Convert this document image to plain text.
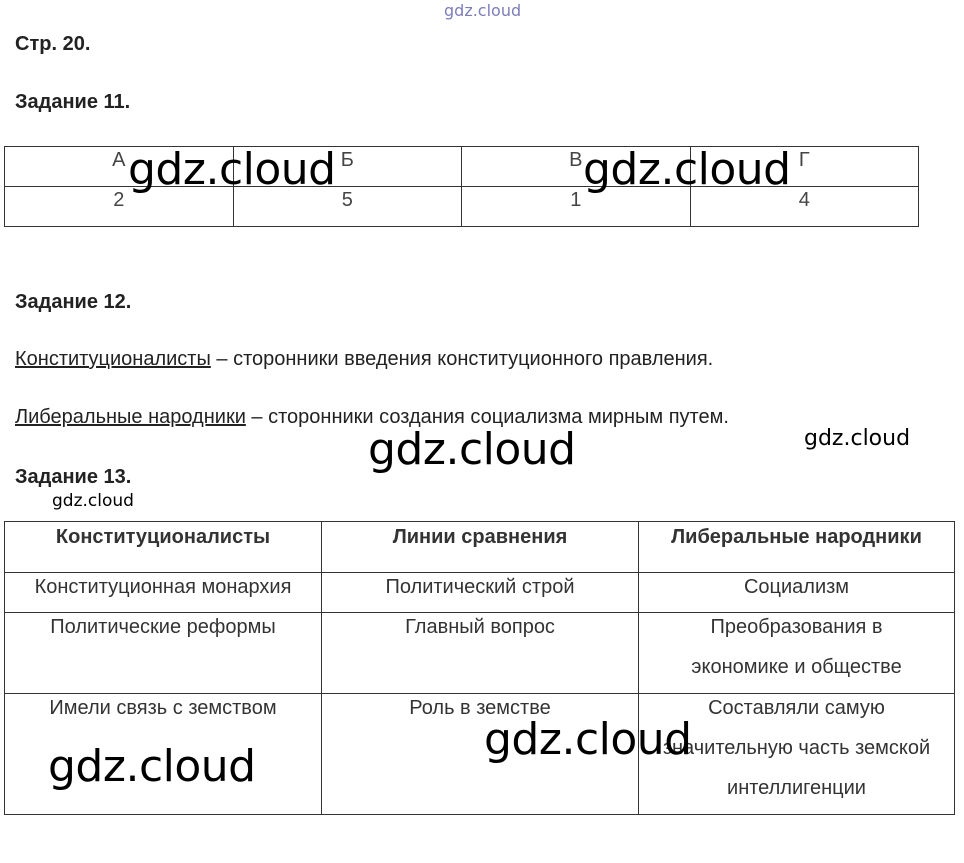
gdz.cloud
Стр. 20.
Задание 11.
А	Б	В	Г

2	5	1	4
Задание 12.
Конституционалисты – сторонники введения конституционного правления.
Либеральные народники – сторонники создания социализма мирным путем.
Задание 13.
Конституционалисты	Линии сравнения	Либеральные народники

Конституционная монархия	Политический строй	Социализм

Политические реформы	Главный вопрос	Преобразования в экономике и обществе

Имели связь с земством	Роль в земстве	Составляли самую значительную часть земской интеллигенции
gdz.cloud	gdz.cloud
gdz.cloud	gdz.cloud
gdz.cloud
gdz.cloud
gdz.cloud
